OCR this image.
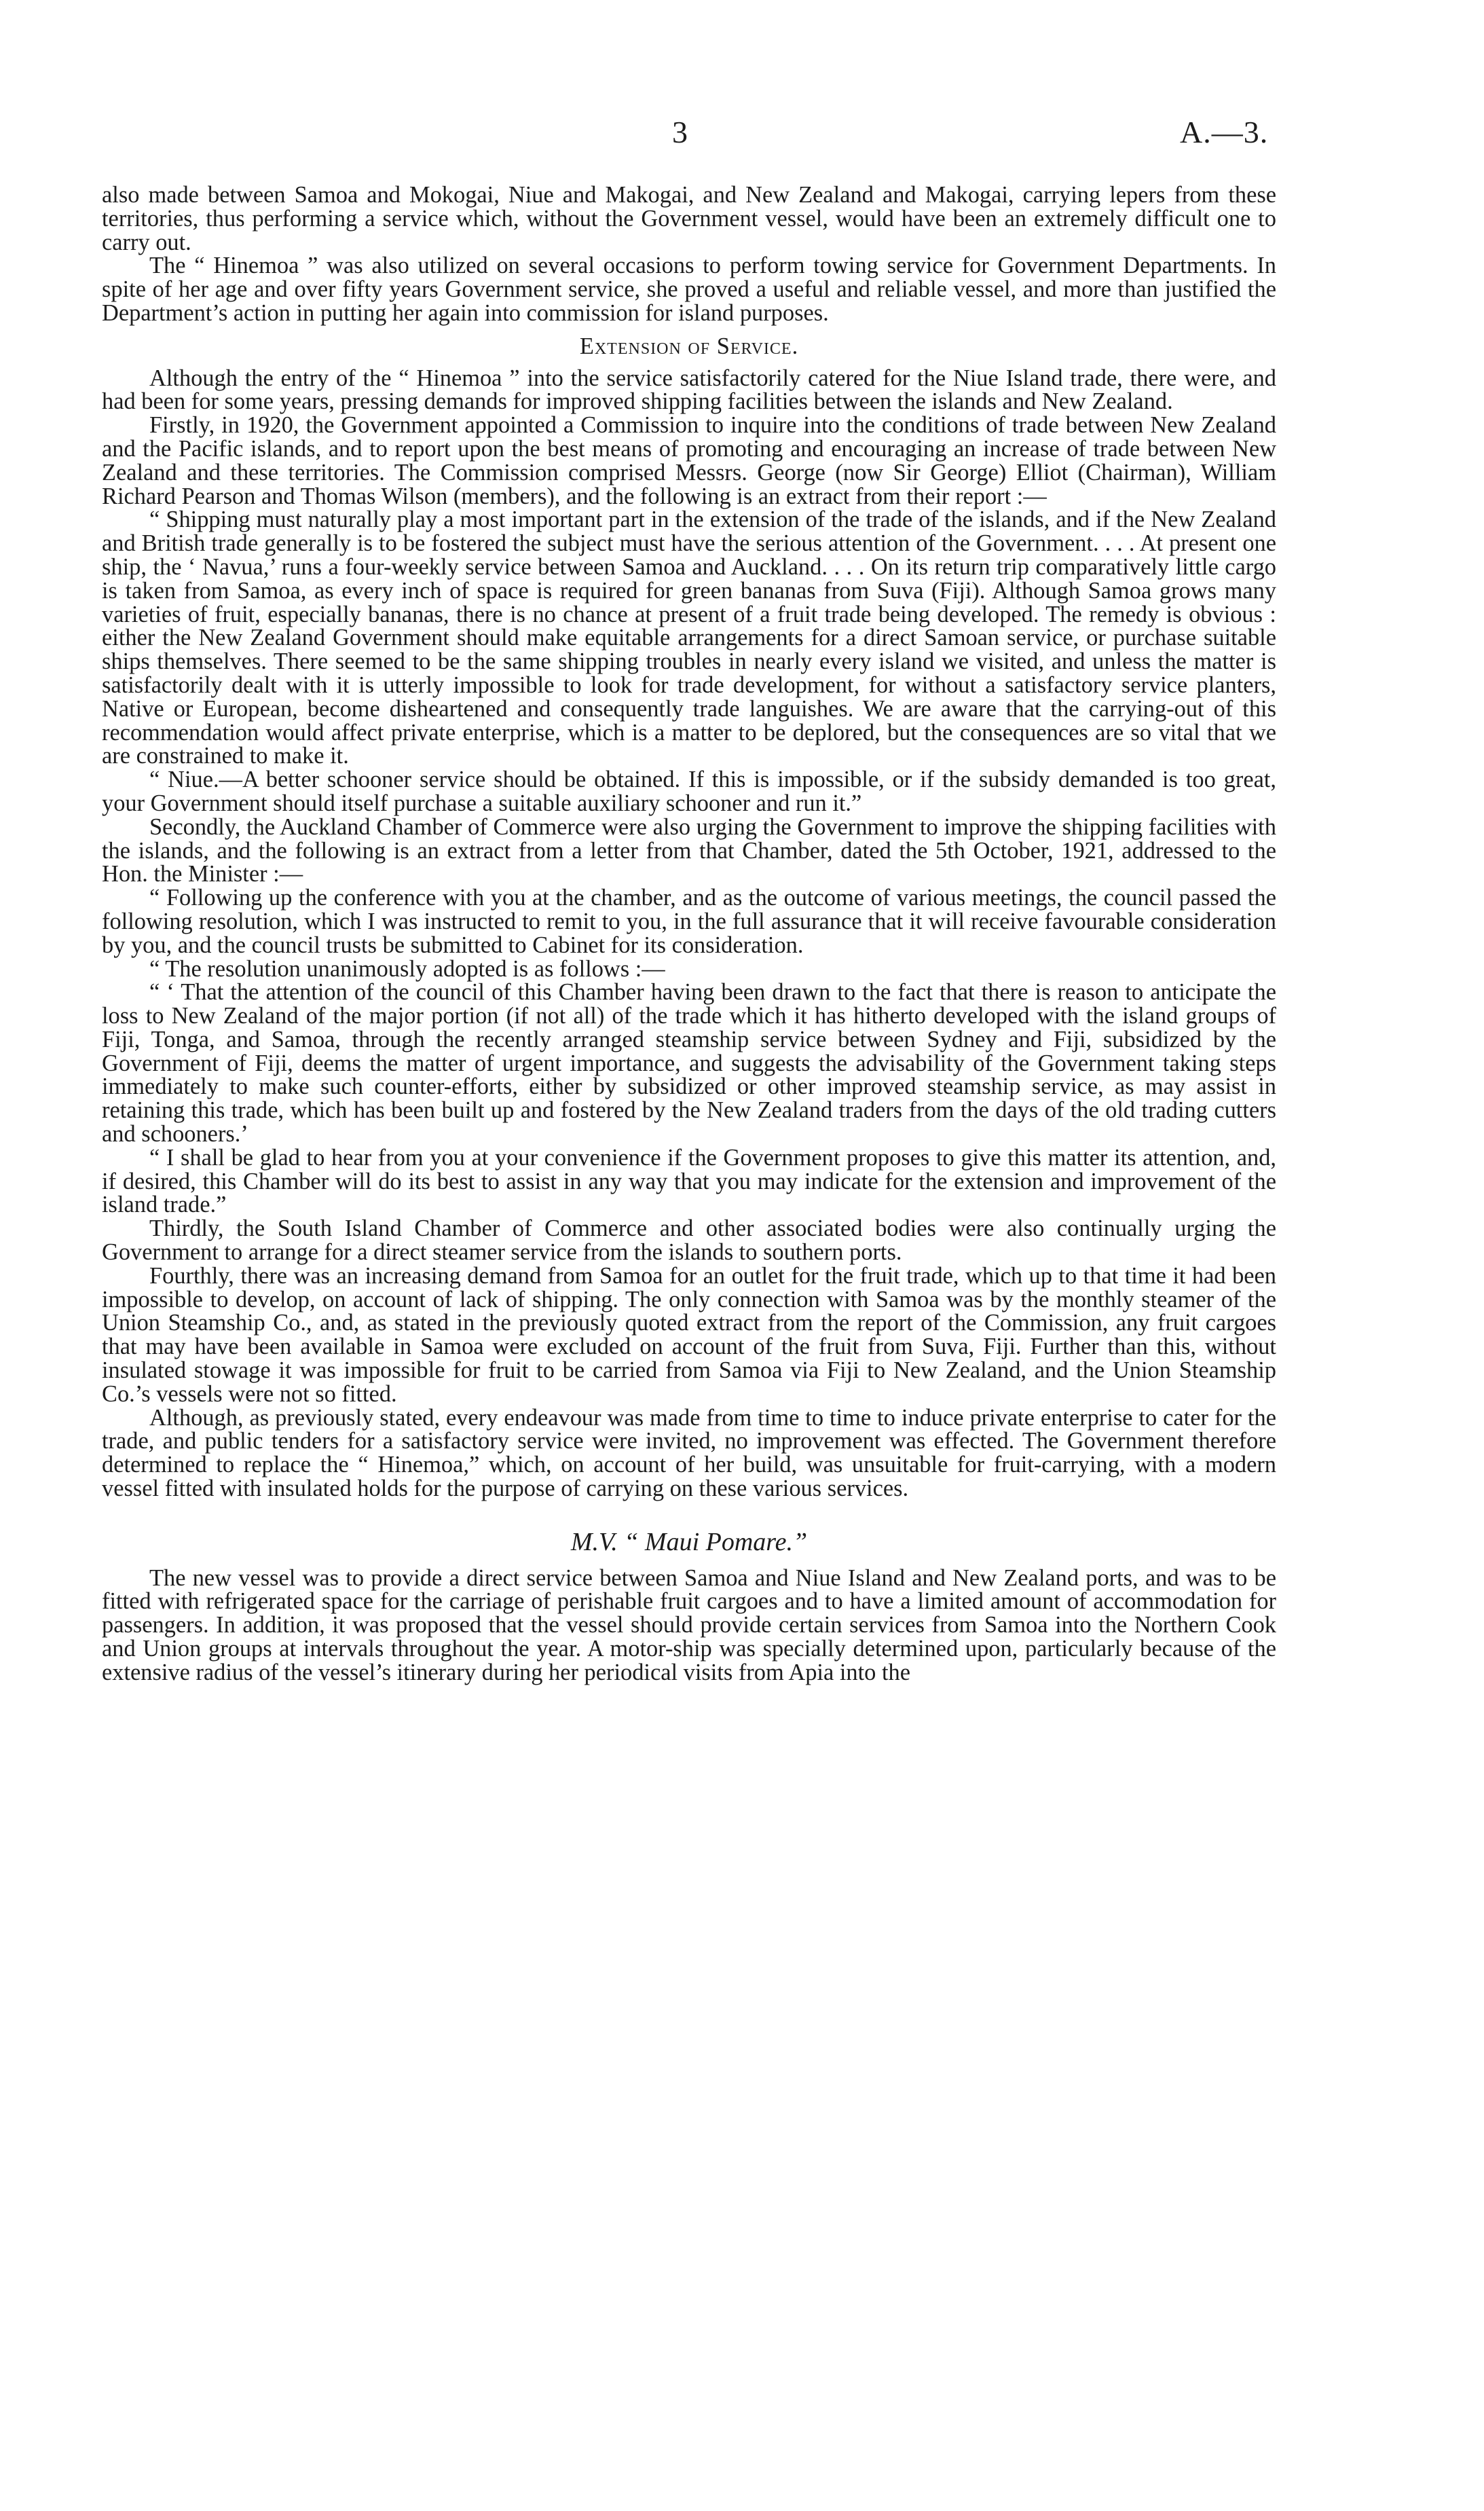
3	A.—3.

also made between Samoa and Mokogai, Niue and Makogai, and New Zealand and Makogai, carrying lepers from these territories, thus performing a service which, without the Government vessel, would have been an extremely difficult one to carry out.

The “ Hinemoa ” was also utilized on several occasions to perform towing service for Government Departments. In spite of her age and over fifty years Government service, she proved a useful and reliable vessel, and more than justified the Department’s action in putting her again into commission for island purposes.

Extension of Service.

Although the entry of the “ Hinemoa ” into the service satisfactorily catered for the Niue Island trade, there were, and had been for some years, pressing demands for improved shipping facilities between the islands and New Zealand.

Firstly, in 1920, the Government appointed a Commission to inquire into the conditions of trade between New Zealand and the Pacific islands, and to report upon the best means of promoting and encouraging an increase of trade between New Zealand and these territories. The Commission comprised Messrs. George (now Sir George) Elliot (Chairman), William Richard Pearson and Thomas Wilson (members), and the following is an extract from their report :—

“ Shipping must naturally play a most important part in the extension of the trade of the islands, and if the New Zealand and British trade generally is to be fostered the subject must have the serious attention of the Government. . . . At present one ship, the ‘ Navua,’ runs a four-weekly service between Samoa and Auckland. . . . On its return trip comparatively little cargo is taken from Samoa, as every inch of space is required for green bananas from Suva (Fiji). Although Samoa grows many varieties of fruit, especially bananas, there is no chance at present of a fruit trade being developed. The remedy is obvious : either the New Zealand Government should make equitable arrangements for a direct Samoan service, or purchase suitable ships themselves. There seemed to be the same shipping troubles in nearly every island we visited, and unless the matter is satisfactorily dealt with it is utterly impossible to look for trade development, for without a satisfactory service planters, Native or European, become disheartened and consequently trade languishes. We are aware that the carrying-out of this recommendation would affect private enterprise, which is a matter to be deplored, but the consequences are so vital that we are constrained to make it.

“ Niue.—A better schooner service should be obtained. If this is impossible, or if the subsidy demanded is too great, your Government should itself purchase a suitable auxiliary schooner and run it.”

Secondly, the Auckland Chamber of Commerce were also urging the Government to improve the shipping facilities with the islands, and the following is an extract from a letter from that Chamber, dated the 5th October, 1921, addressed to the Hon. the Minister :—

“ Following up the conference with you at the chamber, and as the outcome of various meetings, the council passed the following resolution, which I was instructed to remit to you, in the full assurance that it will receive favourable consideration by you, and the council trusts be submitted to Cabinet for its consideration.

“ The resolution unanimously adopted is as follows :—

“ ‘ That the attention of the council of this Chamber having been drawn to the fact that there is reason to anticipate the loss to New Zealand of the major portion (if not all) of the trade which it has hitherto developed with the island groups of Fiji, Tonga, and Samoa, through the recently arranged steamship service between Sydney and Fiji, subsidized by the Government of Fiji, deems the matter of urgent importance, and suggests the advisability of the Government taking steps immediately to make such counter-efforts, either by subsidized or other improved steamship service, as may assist in retaining this trade, which has been built up and fostered by the New Zealand traders from the days of the old trading cutters and schooners.’

“ I shall be glad to hear from you at your convenience if the Government proposes to give this matter its attention, and, if desired, this Chamber will do its best to assist in any way that you may indicate for the extension and improvement of the island trade.”

Thirdly, the South Island Chamber of Commerce and other associated bodies were also continually urging the Government to arrange for a direct steamer service from the islands to southern ports.

Fourthly, there was an increasing demand from Samoa for an outlet for the fruit trade, which up to that time it had been impossible to develop, on account of lack of shipping. The only connection with Samoa was by the monthly steamer of the Union Steamship Co., and, as stated in the previously quoted extract from the report of the Commission, any fruit cargoes that may have been available in Samoa were excluded on account of the fruit from Suva, Fiji. Further than this, without insulated stowage it was impossible for fruit to be carried from Samoa via Fiji to New Zealand, and the Union Steamship Co.’s vessels were not so fitted.

Although, as previously stated, every endeavour was made from time to time to induce private enterprise to cater for the trade, and public tenders for a satisfactory service were invited, no improvement was effected. The Government therefore determined to replace the “ Hinemoa,” which, on account of her build, was unsuitable for fruit-carrying, with a modern vessel fitted with insulated holds for the purpose of carrying on these various services.

M.V. “ Maui Pomare.”

The new vessel was to provide a direct service between Samoa and Niue Island and New Zealand ports, and was to be fitted with refrigerated space for the carriage of perishable fruit cargoes and to have a limited amount of accommodation for passengers. In addition, it was proposed that the vessel should provide certain services from Samoa into the Northern Cook and Union groups at intervals throughout the year. A motor-ship was specially determined upon, particularly because of the extensive radius of the vessel’s itinerary during her periodical visits from Apia into the
